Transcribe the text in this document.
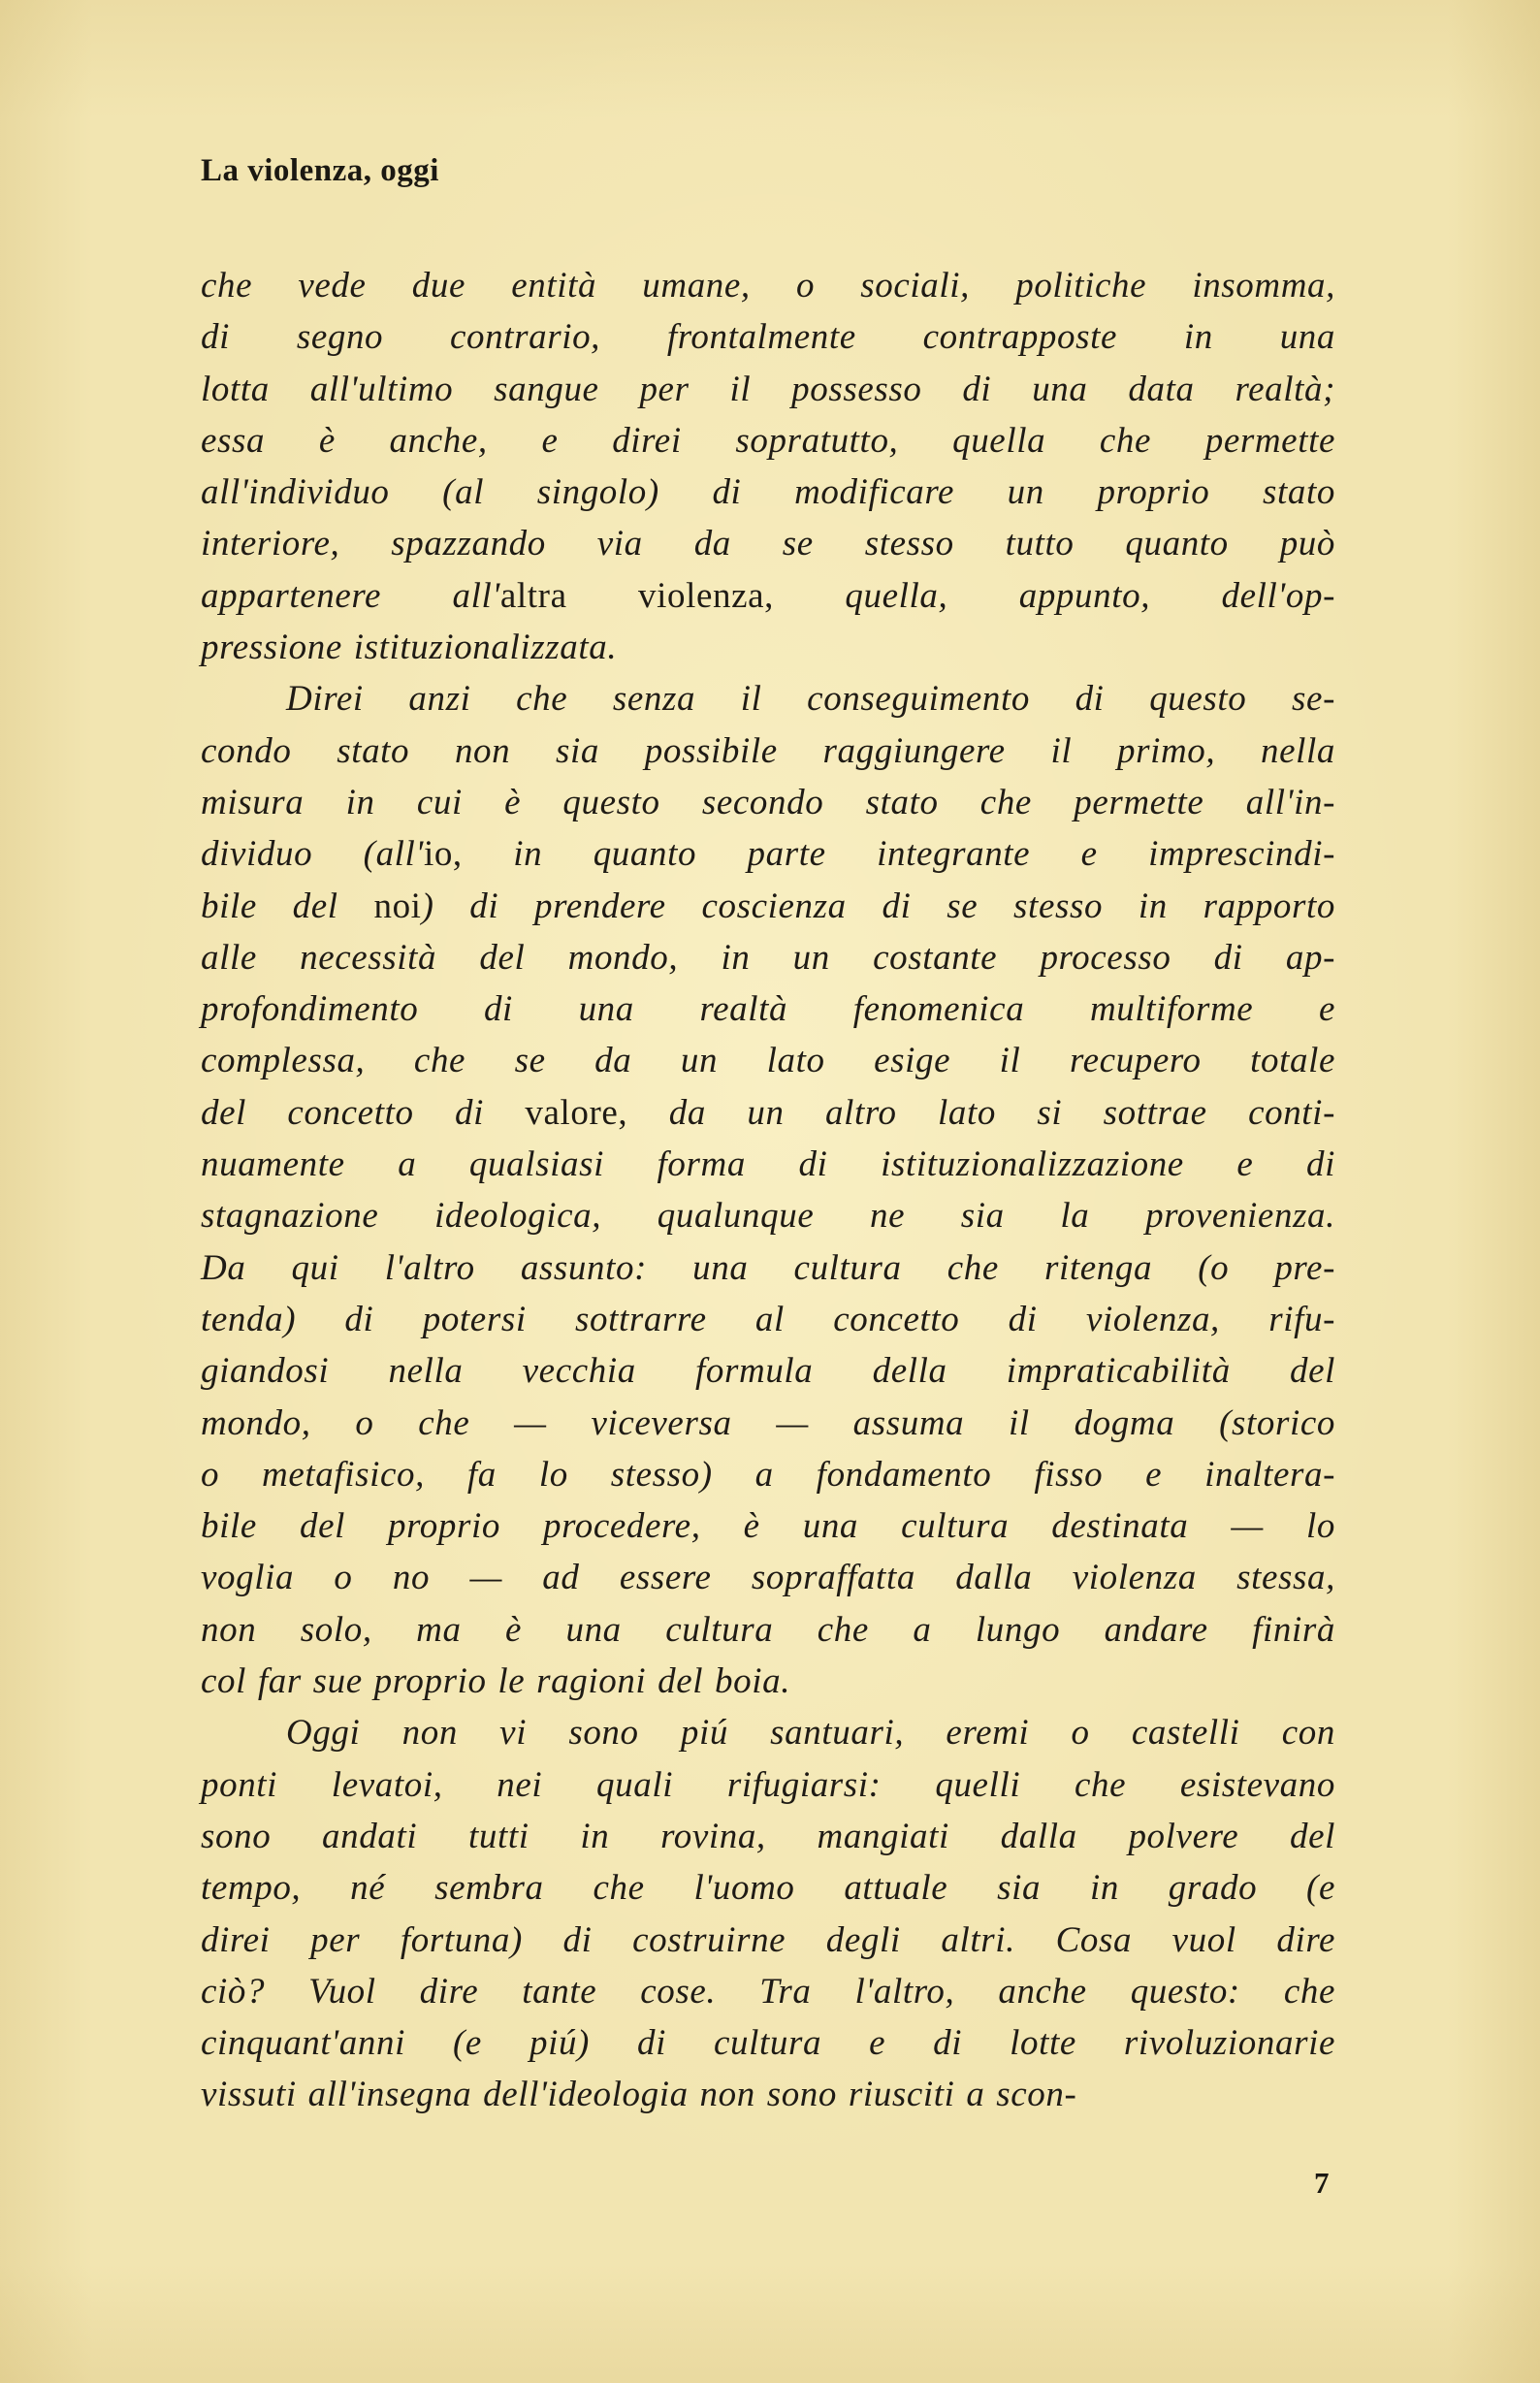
La violenza, oggi
che vede due entità umane, o sociali, politiche insomma,
di segno contrario, frontalmente contrapposte in una
lotta all'ultimo sangue per il possesso di una data realtà;
essa è anche, e direi sopratutto, quella che permette
all'individuo (al singolo) di modificare un proprio stato
interiore, spazzando via da se stesso tutto quanto può
appartenere all'altra violenza, quella, appunto, dell'op-
pressione istituzionalizzata.
Direi anzi che senza il conseguimento di questo se-
condo stato non sia possibile raggiungere il primo, nella
misura in cui è questo secondo stato che permette all'in-
dividuo (all'io, in quanto parte integrante e imprescindi-
bile del noi) di prendere coscienza di se stesso in rapporto
alle necessità del mondo, in un costante processo di ap-
profondimento di una realtà fenomenica multiforme e
complessa, che se da un lato esige il recupero totale
del concetto di valore, da un altro lato si sottrae conti-
nuamente a qualsiasi forma di istituzionalizzazione e di
stagnazione ideologica, qualunque ne sia la provenienza.
Da qui l'altro assunto: una cultura che ritenga (o pre-
tenda) di potersi sottrarre al concetto di violenza, rifu-
giandosi nella vecchia formula della impraticabilità del
mondo, o che — viceversa — assuma il dogma (storico
o metafisico, fa lo stesso) a fondamento fisso e inaltera-
bile del proprio procedere, è una cultura destinata — lo
voglia o no — ad essere sopraffatta dalla violenza stessa,
non solo, ma è una cultura che a lungo andare finirà
col far sue proprio le ragioni del boia.
Oggi non vi sono piú santuari, eremi o castelli con
ponti levatoi, nei quali rifugiarsi: quelli che esistevano
sono andati tutti in rovina, mangiati dalla polvere del
tempo, né sembra che l'uomo attuale sia in grado (e
direi per fortuna) di costruirne degli altri. Cosa vuol dire
ciò? Vuol dire tante cose. Tra l'altro, anche questo: che
cinquant'anni (e piú) di cultura e di lotte rivoluzionarie
vissuti all'insegna dell'ideologia non sono riusciti a scon-
7
